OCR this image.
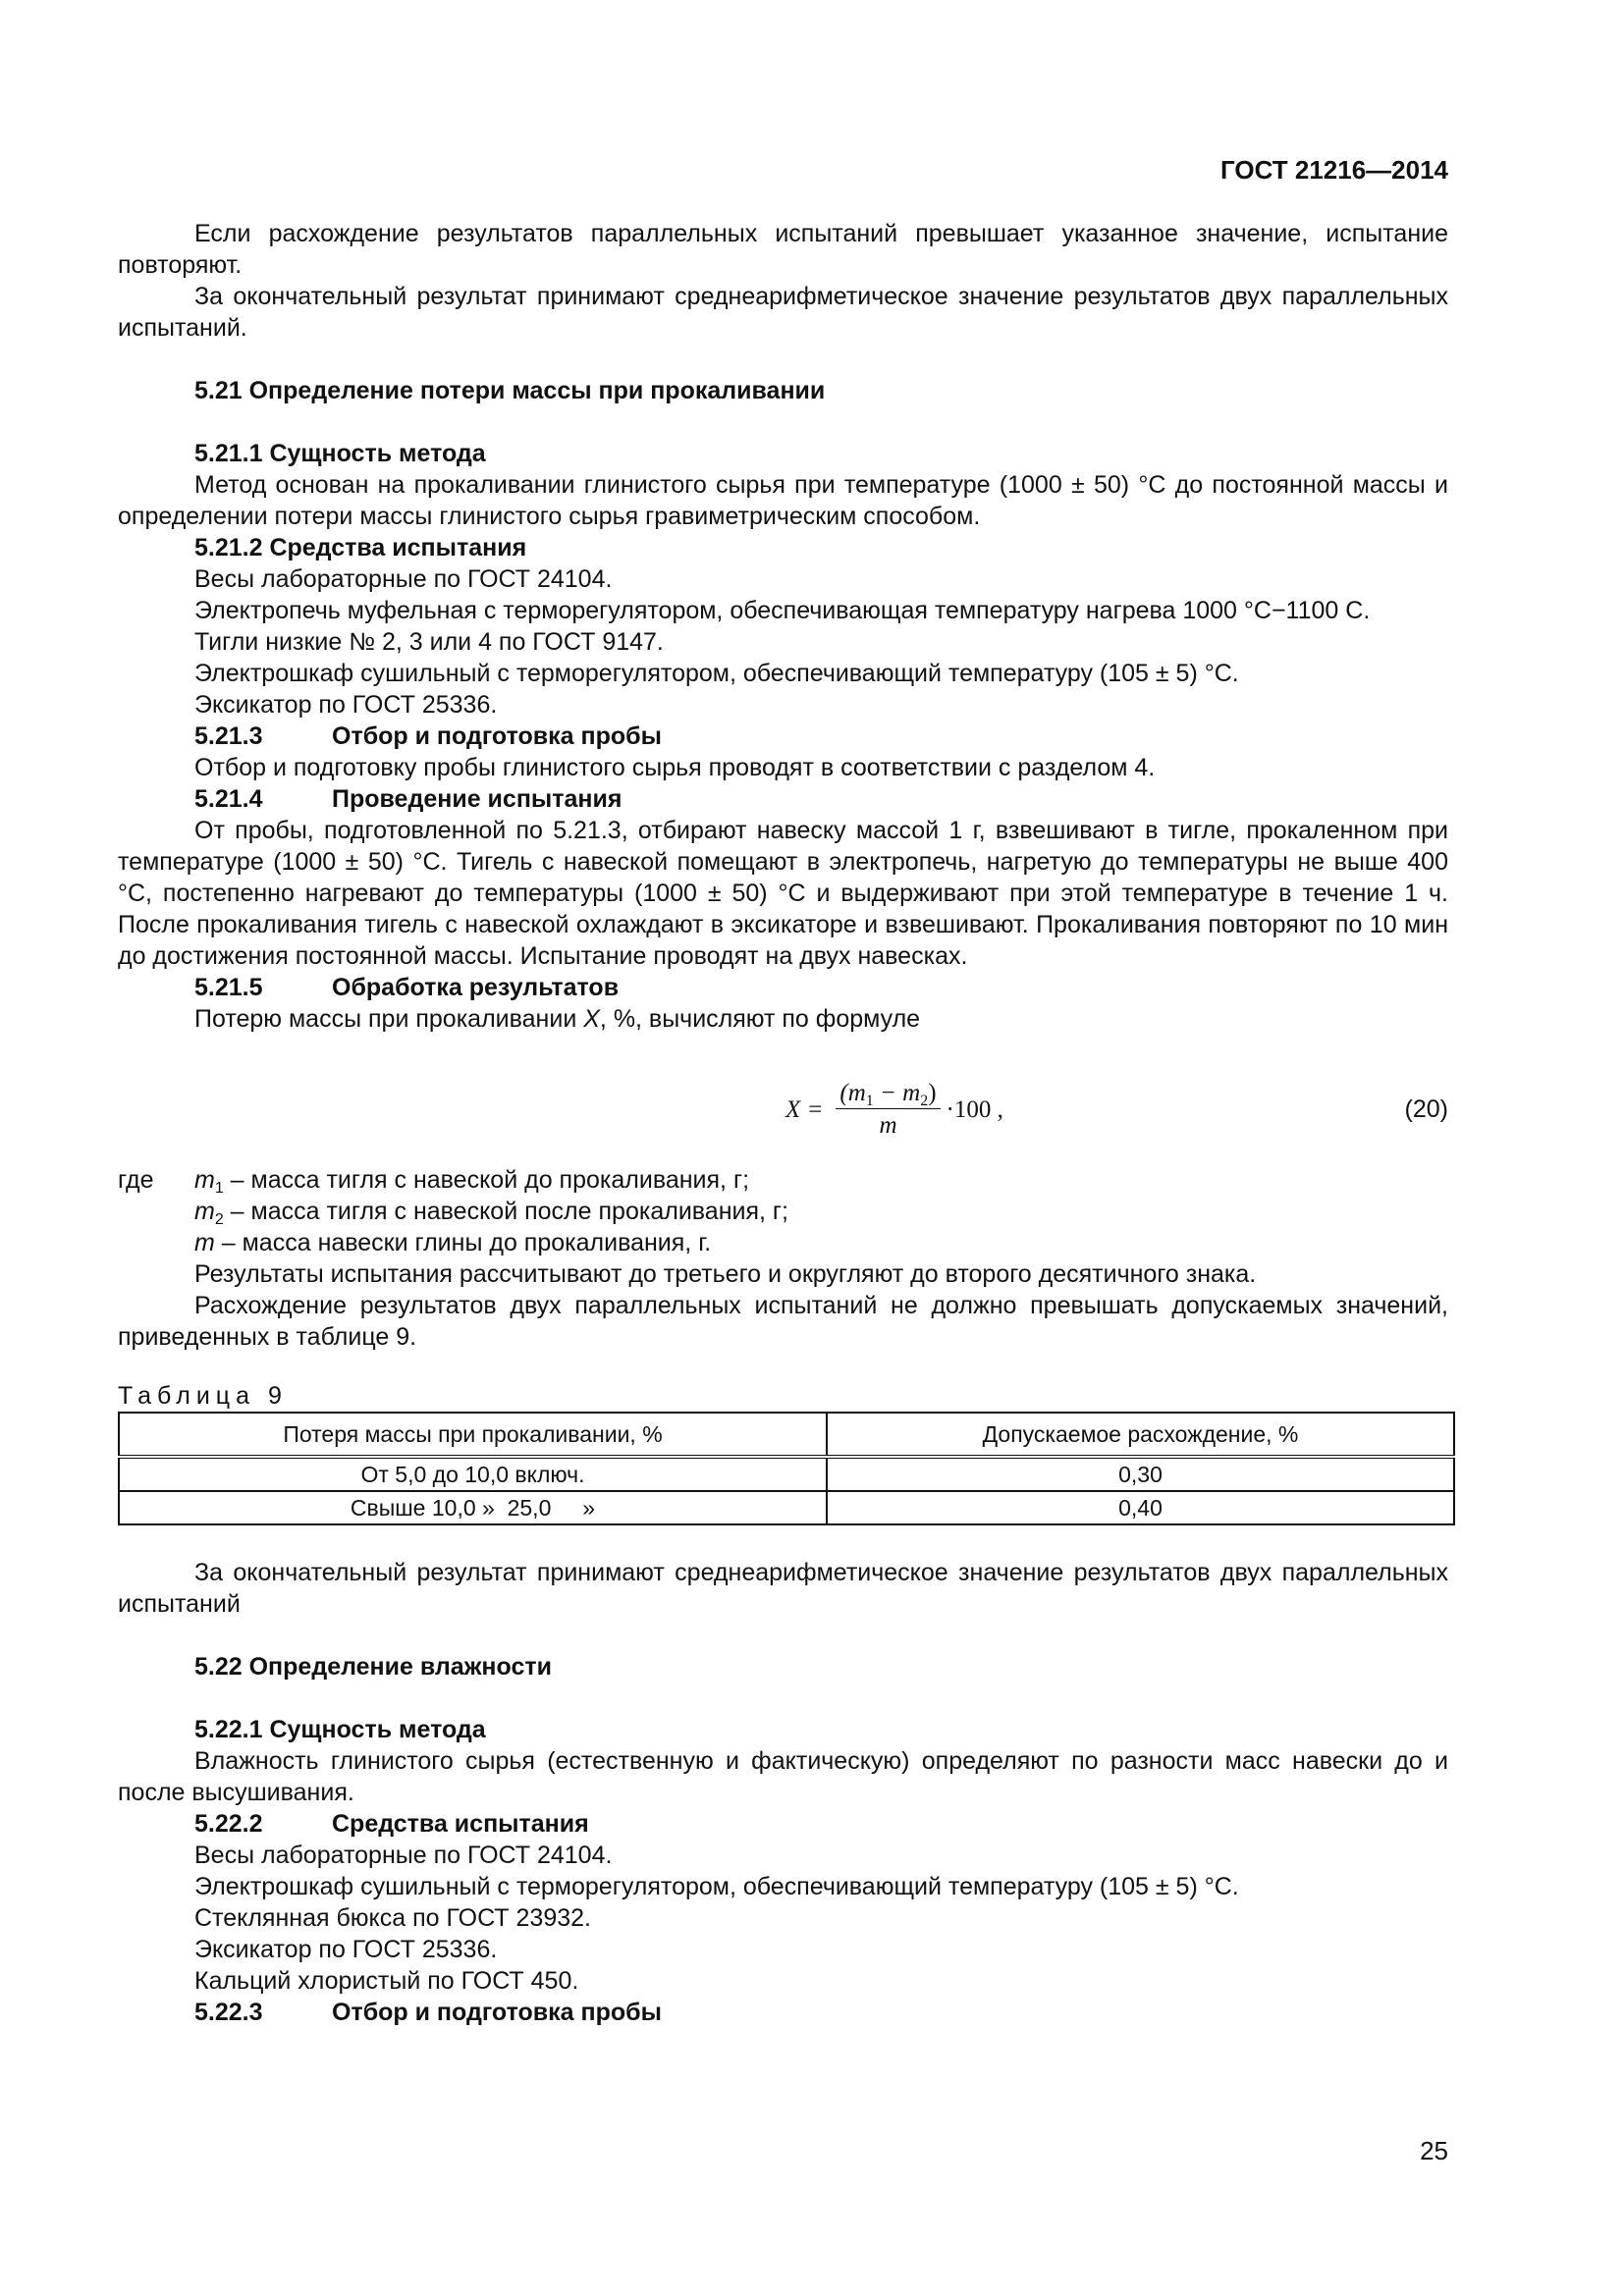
ГОСТ 21216—2014

Если расхождение результатов параллельных испытаний превышает указанное значение, испытание повторяют.

За окончательный результат принимают среднеарифметическое значение результатов двух параллельных испытаний.

5.21 Определение потери массы при прокаливании
5.21.1 Сущность метода

Метод основан на прокаливании глинистого сырья при температуре (1000 ± 50) °С до постоянной массы и определении потери массы глинистого сырья гравиметрическим способом.

5.21.2 Средства испытания
Весы лабораторные по ГОСТ 24104.

Электропечь муфельная с терморегулятором, обеспечивающая температуру нагрева 1000 °С−1100 С.

Тигли низкие № 2, 3 или 4 по ГОСТ 9147.
Электрошкаф сушильный с терморегулятором, обеспечивающий температуру (105 ± 5) °С.
Эксикатор по ГОСТ 25336.
5.21.3	Отбор и подготовка пробы
Отбор и подготовку пробы глинистого сырья проводят в соответствии с разделом 4.
5.21.4	Проведение испытания

От пробы, подготовленной по 5.21.3, отбирают навеску массой 1 г, взвешивают в тигле, прокаленном при температуре (1000 ± 50) °С. Тигель с навеской помещают в электропечь, нагретую до температуры не выше 400 °С, постепенно нагревают до температуры (1000 ± 50) °С и выдерживают при этой температуре в течение 1 ч. После прокаливания тигель с навеской охлаждают в эксикаторе и взвешивают. Прокаливания повторяют по 10 мин до достижения постоянной массы. Испытание проводят на двух навесках.

5.21.5	Обработка результатов
Потерю массы при прокаливании X, %, вычисляют по формуле
$X = \frac{(m_1 - m_2)}{m} \cdot 100$ ,	(20)
где	$m_1$ – масса тигля с навеской до прокаливания, г;
$m_2$ – масса тигля с навеской после прокаливания, г;
m – масса навески глины до прокаливания, г.
Результаты испытания рассчитывают до третьего и округляют до второго десятичного знака.

Расхождение результатов двух параллельных испытаний не должно превышать допускаемых значений, приведенных в таблице 9.

Таблица 9
Потеря массы при прокаливании, %	Допускаемое расхождение, %
От 5,0 до 10,0 включ.	0,30
Свыше 10,0 »  25,0     »	0,40

За окончательный результат принимают среднеарифметическое значение результатов двух параллельных испытаний

5.22 Определение влажности
5.22.1 Сущность метода

Влажность глинистого сырья (естественную и фактическую) определяют по разности масс навески до и после высушивания.

5.22.2	Средства испытания
Весы лабораторные по ГОСТ 24104.
Электрошкаф сушильный с терморегулятором, обеспечивающий температуру (105 ± 5) °С.
Стеклянная бюкса по ГОСТ 23932.
Эксикатор по ГОСТ 25336.
Кальций хлористый по ГОСТ 450.
5.22.3	Отбор и подготовка пробы
25
